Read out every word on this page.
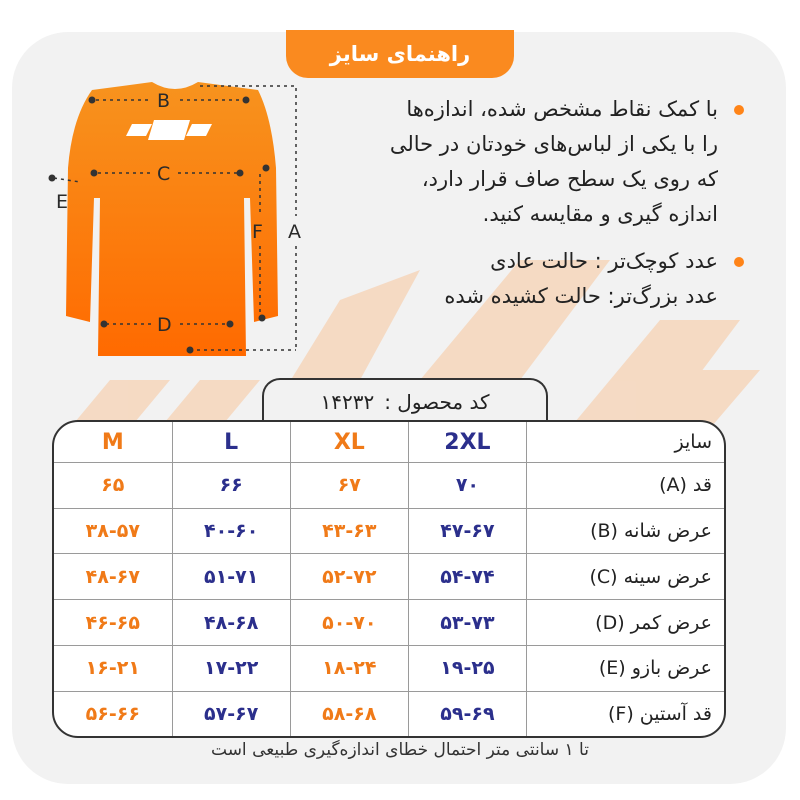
راهنمای سایز
B
C
D
E
F A
با کمک نقاط مشخص شده، اندازه‌ها
را با یکی از لباس‌های خودتان در حالی
که روی یک سطح صاف قرار دارد،
اندازه گیری و مقایسه کنید.
عدد کوچک‌تر : حالت عادی
عدد بزرگ‌تر: حالت کشیده شده
کد محصول :
۱۴۲۳۲
سایز	2XL	XL	L	M
قد (A)	۷۰	۶۷	۶۶	۶۵
عرض شانه (B)	۴۷-۶۷	۴۳-۶۳	۴۰-۶۰	۳۸-۵۷
عرض سینه (C)	۵۴-۷۴	۵۲-۷۲	۵۱-۷۱	۴۸-۶۷
عرض کمر (D)	۵۳-۷۳	۵۰-۷۰	۴۸-۶۸	۴۶-۶۵
عرض بازو (E)	۱۹-۲۵	۱۸-۲۴	۱۷-۲۲	۱۶-۲۱
قد آستین (F)	۵۹-۶۹	۵۸-۶۸	۵۷-۶۷	۵۶-۶۶
تا ۱ سانتی متر احتمال خطای اندازه‌گیری طبیعی است
